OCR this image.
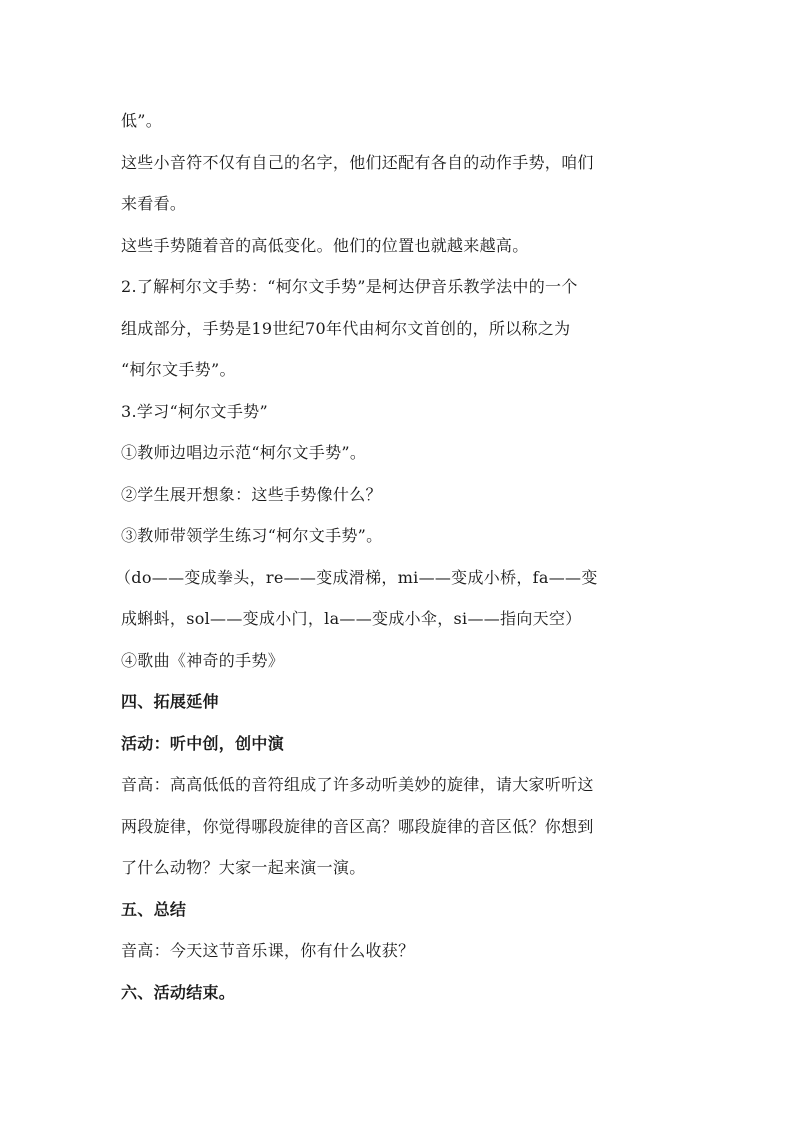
低”。
这些小音符不仅有自己的名字，他们还配有各自的动作手势，咱们
来看看。
这些手势随着音的高低变化。他们的位置也就越来越高。
2.了解柯尔文手势：“柯尔文手势”是柯达伊音乐教学法中的一个
组成部分，手势是19世纪70年代由柯尔文首创的，所以称之为
“柯尔文手势”。
3.学习“柯尔文手势”
①教师边唱边示范“柯尔文手势”。
②学生展开想象：这些手势像什么？
③教师带领学生练习“柯尔文手势”。
（do——变成拳头，re——变成滑梯，mi——变成小桥，fa——变
成蝌蚪，sol——变成小门，la——变成小伞，si——指向天空）
④歌曲《神奇的手势》
四、拓展延伸
活动：听中创，创中演
音高：高高低低的音符组成了许多动听美妙的旋律，请大家听听这
两段旋律，你觉得哪段旋律的音区高？哪段旋律的音区低？你想到
了什么动物？大家一起来演一演。
五、总结
音高：今天这节音乐课，你有什么收获？
六、活动结束。
